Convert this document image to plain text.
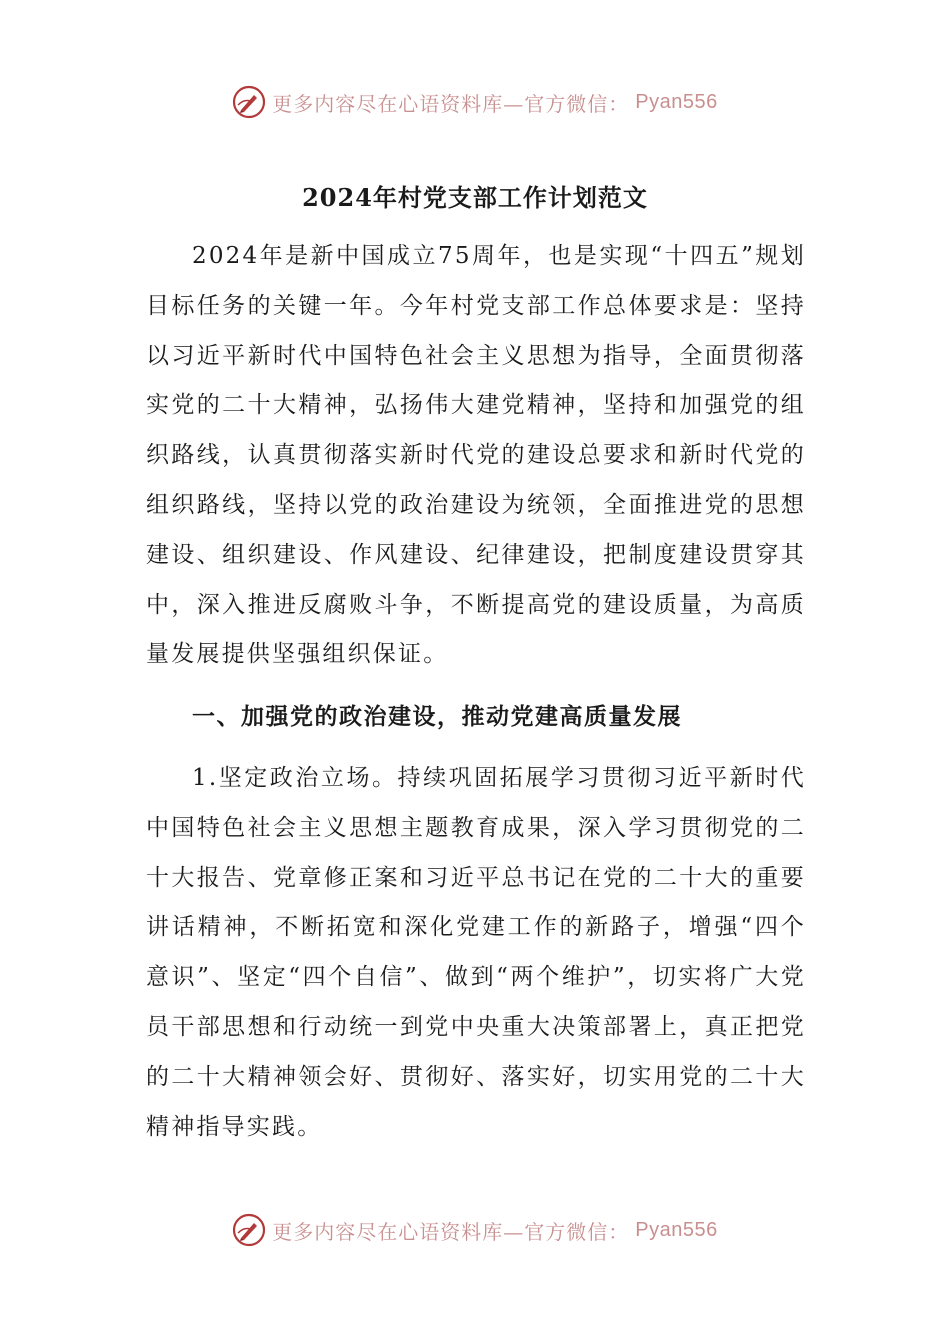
更多内容尽在心语资料库—官方微信： Pyan556
2024年村党支部工作计划范文

2024年是新中国成立75周年，也是实现“十四五”规划目标任务的关键一年。今年村党支部工作总体要求是：坚持以习近平新时代中国特色社会主义思想为指导，全面贯彻落实党的二十大精神，弘扬伟大建党精神，坚持和加强党的组织路线，认真贯彻落实新时代党的建设总要求和新时代党的组织路线，坚持以党的政治建设为统领，全面推进党的思想建设、组织建设、作风建设、纪律建设，把制度建设贯穿其中，深入推进反腐败斗争，不断提高党的建设质量，为高质量发展提供坚强组织保证。

一、加强党的政治建设，推动党建高质量发展

1.坚定政治立场。持续巩固拓展学习贯彻习近平新时代中国特色社会主义思想主题教育成果，深入学习贯彻党的二十大报告、党章修正案和习近平总书记在党的二十大的重要讲话精神，不断拓宽和深化党建工作的新路子，增强“四个意识”、坚定“四个自信”、做到“两个维护”，切实将广大党员干部思想和行动统一到党中央重大决策部署上，真正把党的二十大精神领会好、贯彻好、落实好，切实用党的二十大精神指导实践。

更多内容尽在心语资料库—官方微信： Pyan556
